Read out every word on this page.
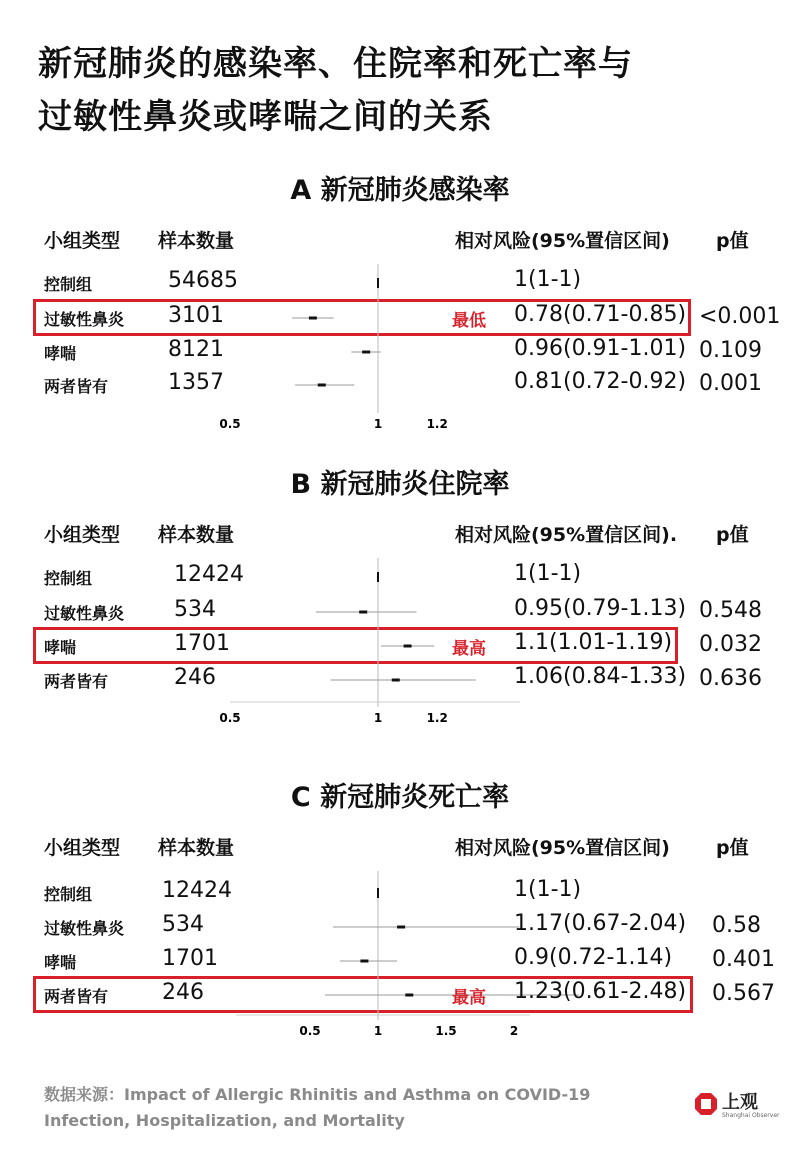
新冠肺炎的感染率、住院率和死亡率与
过敏性鼻炎或哮喘之间的关系
A 新冠肺炎感染率
小组类型 样本数量	相对风险(95%置信区间) p值
0.5	1	1.2
控制组	54685	1(1-1)
过敏性鼻炎 3101	0.78(0.71-0.85) <0.001
最低
哮喘	8121	0.96(0.91-1.01) 0.109
两者皆有	1357	0.81(0.72-0.92) 0.001
B 新冠肺炎住院率
小组类型 样本数量	相对风险(95%置信区间). p值
0.5	1	1.2
控制组	12424	1(1-1)
过敏性鼻炎 534	0.95(0.79-1.13) 0.548
哮喘	1701	1.1(1.01-1.19) 0.032
最高
两者皆有	246	1.06(0.84-1.33) 0.636
C 新冠肺炎死亡率
小组类型 样本数量	相对风险(95%置信区间) p值
0.5	1	1.5	2
控制组	12424	1(1-1)
过敏性鼻炎 534	1.17(0.67-2.04) 0.58
哮喘	1701	0.9(0.72-1.14) 0.401
两者皆有 246	1.23(0.61-2.48) 0.567
最高
数据来源：Impact of Allergic Rhinitis and Asthma on COVID-19 Infection, Hospitalization, and Mortality
上观
Shanghai Observer
